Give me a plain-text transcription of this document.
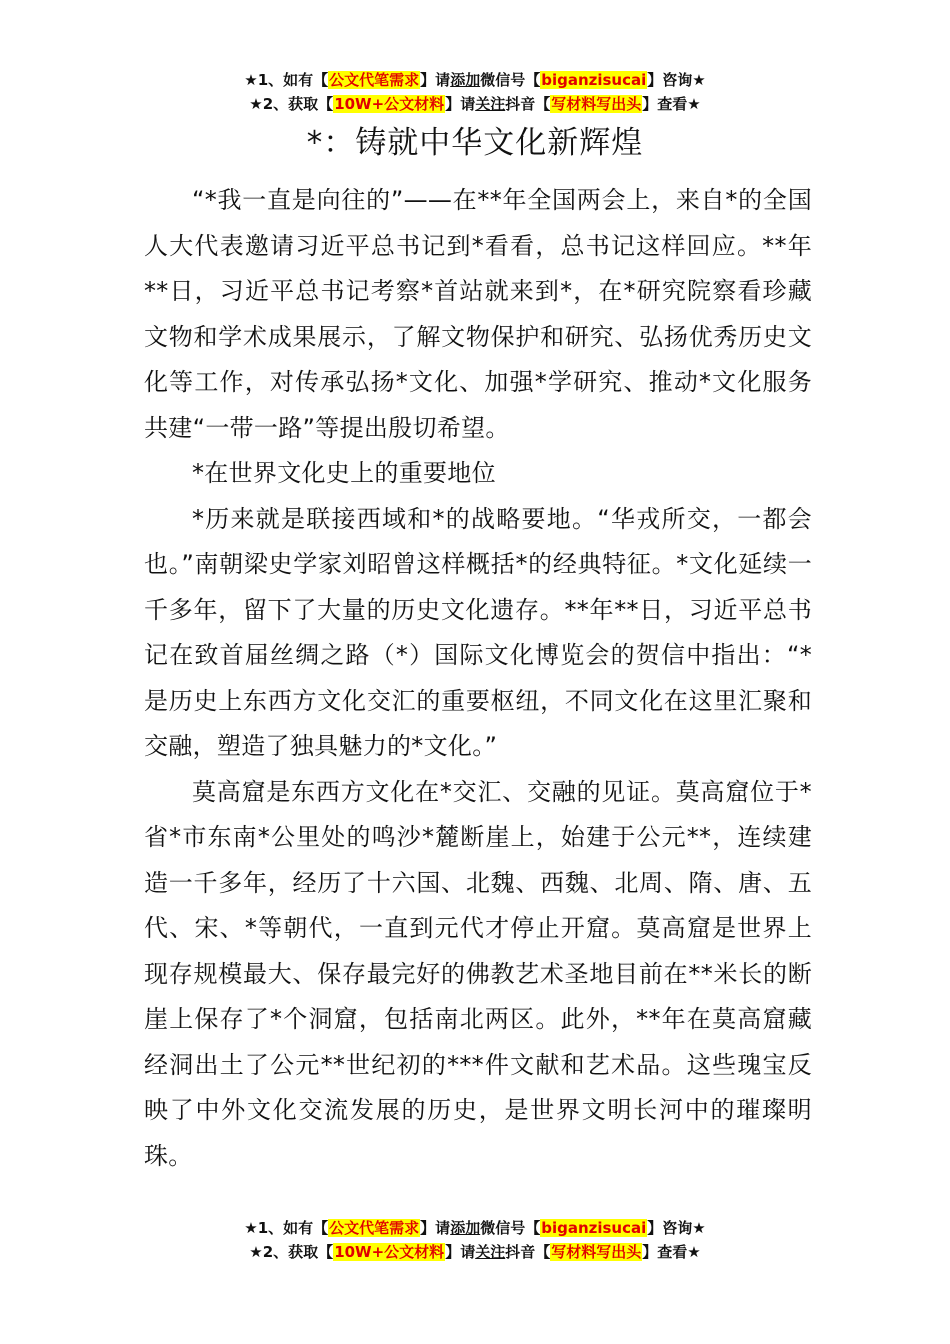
★1、如有【公文代笔需求】请添加微信号【biganzisucai】咨询★
★2、获取【10W+公文材料】请关注抖音【写材料写出头】查看★
*：铸就中华文化新辉煌

“*我一直是向往的”——在**年全国两会上，来自*的全国人大代表邀请习近平总书记到*看看，总书记这样回应。**年**日，习近平总书记考察*首站就来到*，在*研究院察看珍藏文物和学术成果展示，了解文物保护和研究、弘扬优秀历史文化等工作，对传承弘扬*文化、加强*学研究、推动*文化服务共建“一带一路”等提出殷切希望。

*在世界文化史上的重要地位

*历来就是联接西域和*的战略要地。“华戎所交，一都会也。”南朝梁史学家刘昭曾这样概括*的经典特征。*文化延续一千多年，留下了大量的历史文化遗存。**年**日，习近平总书记在致首届丝绸之路（*）国际文化博览会的贺信中指出：“*是历史上东西方文化交汇的重要枢纽，不同文化在这里汇聚和交融，塑造了独具魅力的*文化。”

莫高窟是东西方文化在*交汇、交融的见证。莫高窟位于*省*市东南*公里处的鸣沙*麓断崖上，始建于公元**，连续建造一千多年，经历了十六国、北魏、西魏、北周、隋、唐、五代、宋、*等朝代，一直到元代才停止开窟。莫高窟是世界上现存规模最大、保存最完好的佛教艺术圣地目前在**米长的断崖上保存了*个洞窟，包括南北两区。此外，**年在莫高窟藏经洞出土了公元**世纪初的***件文献和艺术品。这些瑰宝反映了中外文化交流发展的历史，是世界文明长河中的璀璨明珠。

★1、如有【公文代笔需求】请添加微信号【biganzisucai】咨询★
★2、获取【10W+公文材料】请关注抖音【写材料写出头】查看★
